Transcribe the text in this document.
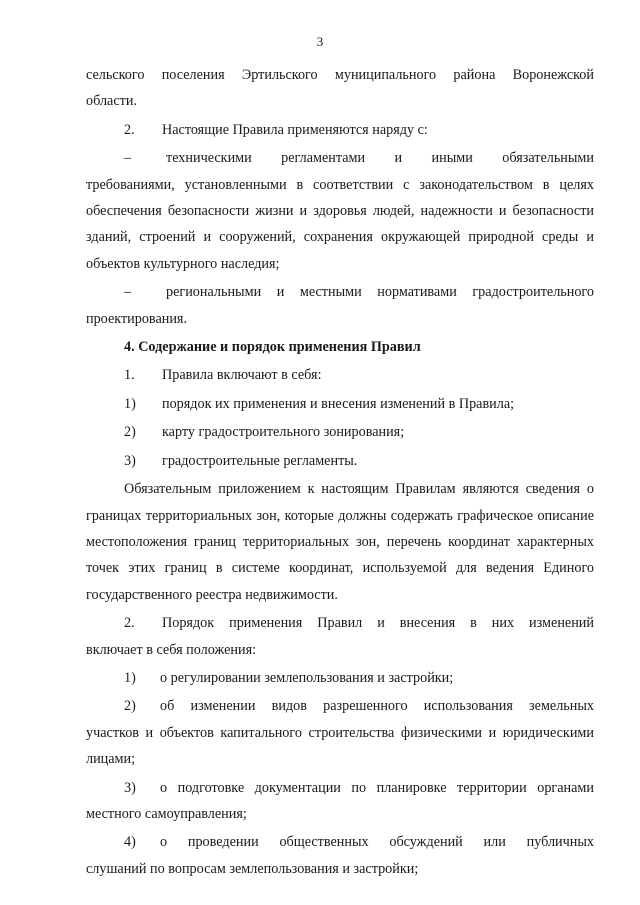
3

сельского поселения Эртильского муниципального района Воронежской

области.

2.	Настоящие Правила применяются наряду с:

–	техническими регламентами и иными обязательными

требованиями, установленными в соответствии с законодательством в целях обеспечения безопасности жизни и здоровья людей, надежности и безопасности зданий, строений и сооружений, сохранения окружающей природной среды и объектов культурного наследия;

–	региональными и местными нормативами градостроительного

проектирования.

4. Содержание и порядок применения Правил

1.	Правила включают в себя:

1)	порядок их применения и внесения изменений в Правила;

2)	карту градостроительного зонирования;

3)	градостроительные регламенты.

Обязательным приложением к настоящим Правилам являются сведения о границах территориальных зон, которые должны содержать графическое описание местоположения границ территориальных зон, перечень координат характерных точек этих границ в системе координат, используемой для ведения Единого государственного реестра недвижимости.

2.	Порядок применения Правил и внесения в них изменений

включает в себя положения:

1)	о регулировании землепользования и застройки;

2)	об изменении видов разрешенного использования земельных

участков и объектов капитального строительства физическими и юридическими лицами;

3)	о подготовке документации по планировке территории органами

местного самоуправления;

4)	о проведении общественных обсуждений или публичных

слушаний по вопросам землепользования и застройки;
